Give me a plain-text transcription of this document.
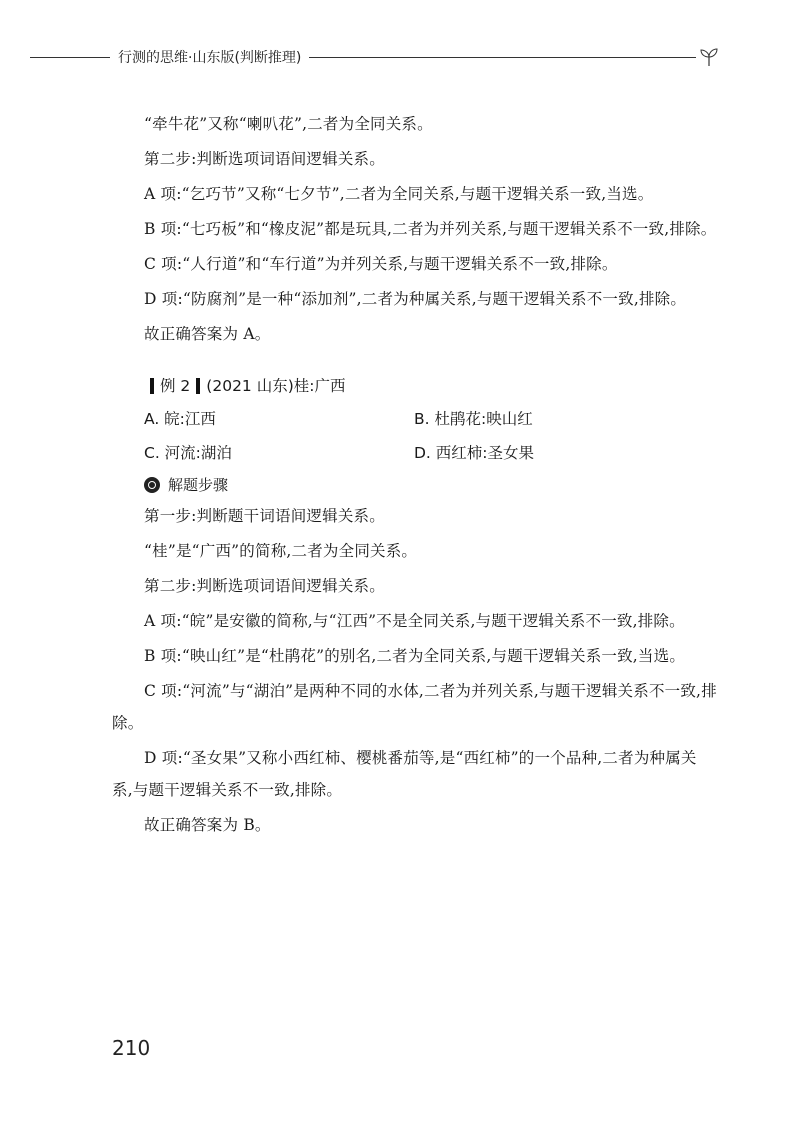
行测的思维·山东版(判断推理)

“牵牛花”又称“喇叭花”,二者为全同关系。

第二步:判断选项词语间逻辑关系。

A 项:“乞巧节”又称“七夕节”,二者为全同关系,与题干逻辑关系一致,当选。

B 项:“七巧板”和“橡皮泥”都是玩具,二者为并列关系,与题干逻辑关系不一致,排除。

C 项:“人行道”和“车行道”为并列关系,与题干逻辑关系不一致,排除。

D 项:“防腐剂”是一种“添加剂”,二者为种属关系,与题干逻辑关系不一致,排除。

故正确答案为 A。

例 2 (2021 山东)桂:广西
A. 皖:江西	B. 杜鹃花:映山红
C. 河流:湖泊	D. 西红柿:圣女果
解题步骤

第一步:判断题干词语间逻辑关系。

“桂”是“广西”的简称,二者为全同关系。

第二步:判断选项词语间逻辑关系。

A 项:“皖”是安徽的简称,与“江西”不是全同关系,与题干逻辑关系不一致,排除。

B 项:“映山红”是“杜鹃花”的别名,二者为全同关系,与题干逻辑关系一致,当选。

C 项:“河流”与“湖泊”是两种不同的水体,二者为并列关系,与题干逻辑关系不一致,排除。

D 项:“圣女果”又称小西红柿、樱桃番茄等,是“西红柿”的一个品种,二者为种属关系,与题干逻辑关系不一致,排除。

故正确答案为 B。

210
